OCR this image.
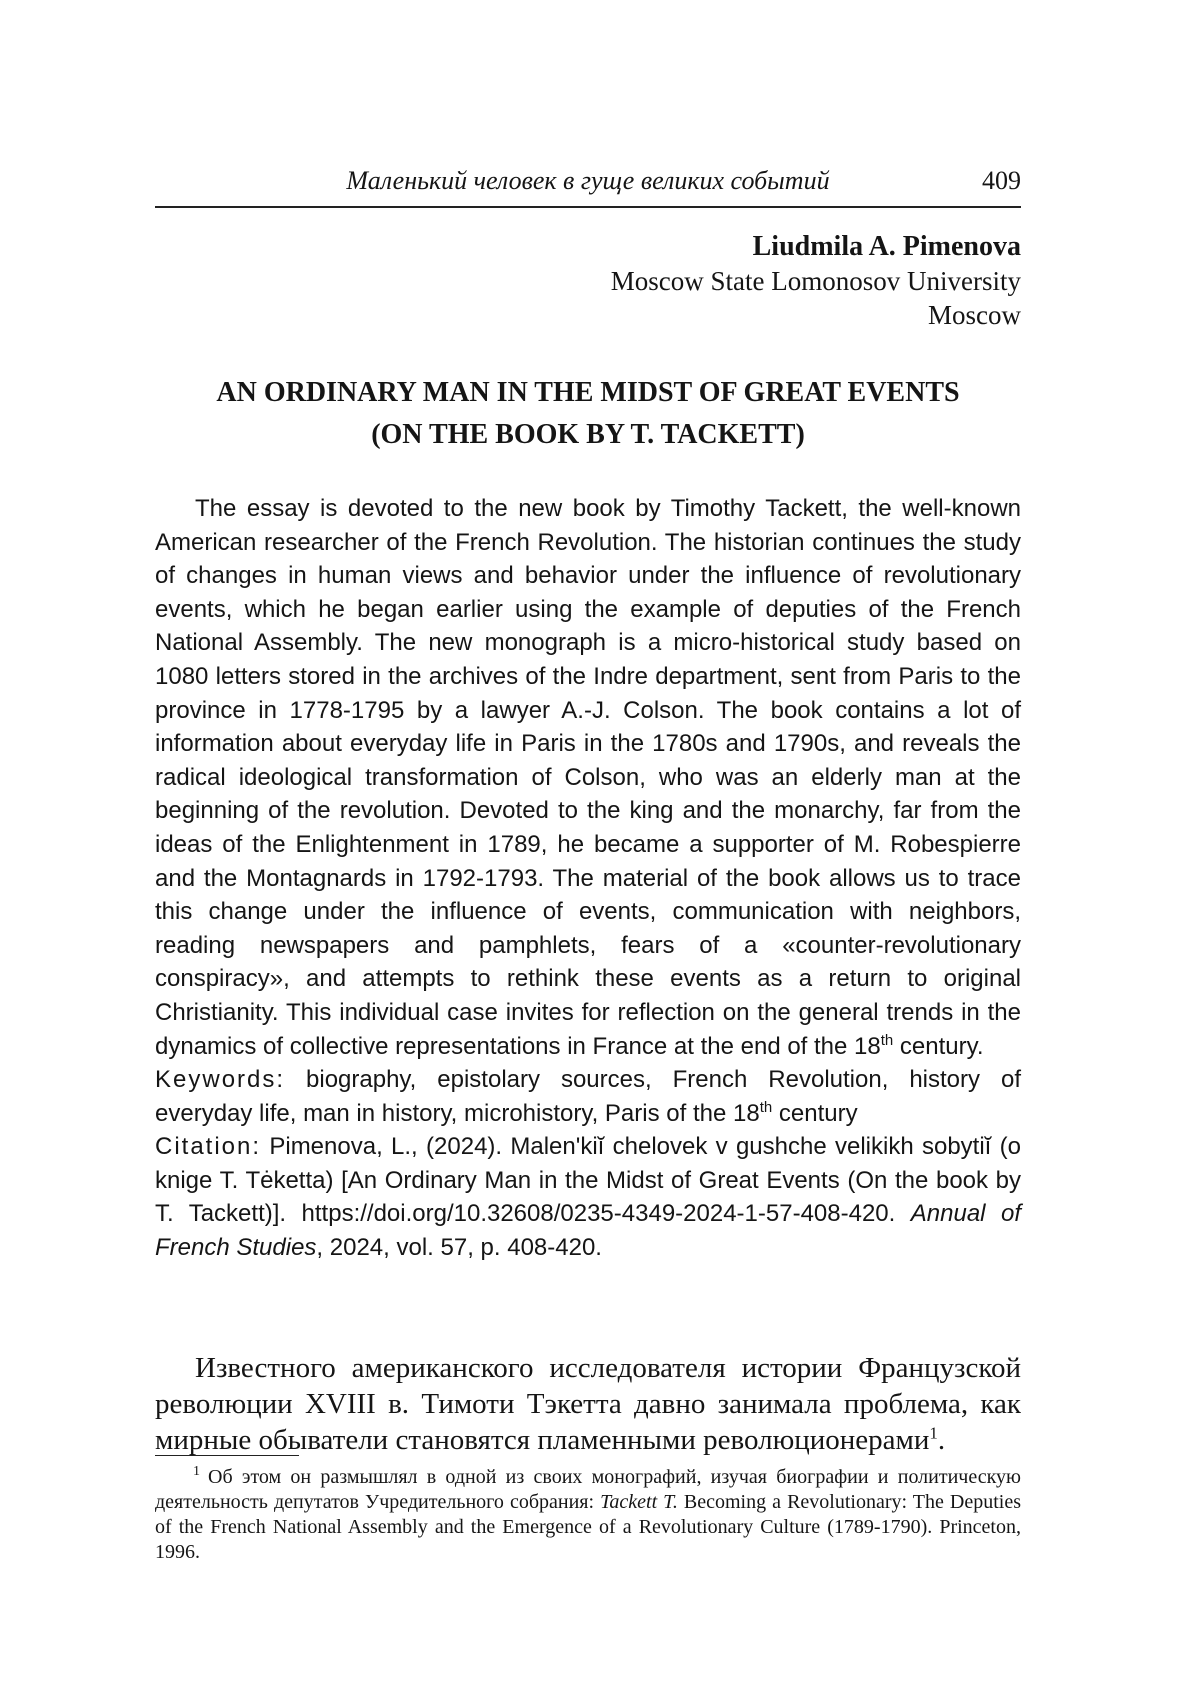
Маленький человек в гуще великих событий	409
Liudmila A. Pimenova
Moscow State Lomonosov University
Moscow
AN ORDINARY MAN IN THE MIDST OF GREAT EVENTS
(ON THE BOOK BY T. TACKETT)

The essay is devoted to the new book by Timothy Tackett, the well-known American researcher of the French Revolution. The historian continues the study of changes in human views and behavior under the influence of revolutionary events, which he began earlier using the example of deputies of the French National Assembly. The new monograph is a micro-historical study based on 1080 letters stored in the archives of the Indre department, sent from Paris to the province in 1778-1795 by a lawyer A.-J. Colson. The book contains a lot of information about everyday life in Paris in the 1780s and 1790s, and reveals the radical ideological transformation of Colson, who was an elderly man at the beginning of the revolution. Devoted to the king and the monarchy, far from the ideas of the Enlightenment in 1789, he became a supporter of M. Robespierre and the Montagnards in 1792-1793. The material of the book allows us to trace this change under the influence of events, communication with neighbors, reading newspapers and pamphlets, fears of a «counter-revolutionary conspiracy», and attempts to rethink these events as a return to original Christianity. This individual case invites for reflection on the general trends in the dynamics of collective representations in France at the end of the 18th century.

Keywords: biography, epistolary sources, French Revolution, history of everyday life, man in history, microhistory, Paris of the 18th century

Citation: Pimenova, L., (2024). Malen'kiĭ chelovek v gushche velikikh sobytiĭ (o knige T. Tėketta) [An Ordinary Man in the Midst of Great Events (On the book by T. Tackett)]. https://doi.org/10.32608/0235-4349-2024-1-57-408-420. Annual of French Studies, 2024, vol. 57, p. 408-420.

Известного американского исследователя истории Французской революции XVIII в. Тимоти Тэкетта давно занимала проблема, как мирные обыватели становятся пламенными революционерами$^1$.

$^1$ Об этом он размышлял в одной из своих монографий, изучая биографии и политическую деятельность депутатов Учредительного собрания: Tackett T. Becoming a Revolutionary: The Deputies of the French National Assembly and the Emergence of a Revolutionary Culture (1789-1790). Princeton, 1996.
